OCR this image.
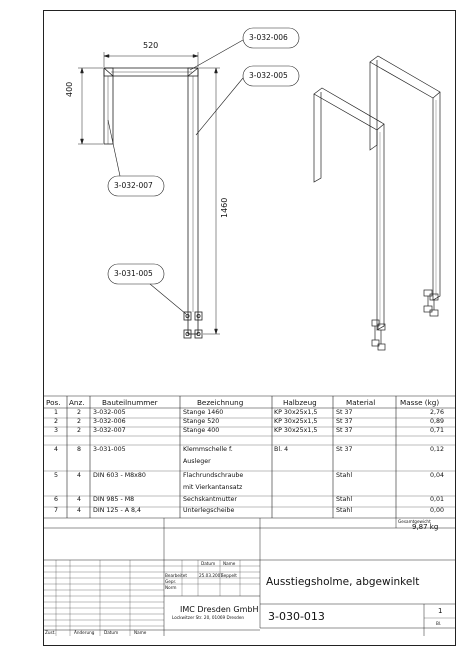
520
400
1460
3-032-006
3-032-005
3-032-007
3-031-005
Pos. Anz. Bauteilnummer	Bezeichnung	Halbzeug	Material	Masse (kg)
1	2 3-032-005	Stange 1460	KP 30x25x1,5	St 37	2,76
2	2 3-032-006	Stange 520	KP 30x25x1,5	St 37	0,89
3	2 3-032-007	Stange 400	KP 30x25x1,5	St 37	0,71
4	8 3-031-005	Klemmschelle f.	Bl. 4	St 37	0,12
Ausleger
5	4 DIN 603 - M8x80	Flachrundschraube	Stahl	0,04
mit Vierkantansatz
6	4 DIN 985 - M8	Sechskantmutter	Stahl	0,01
7	4 DIN 125 - A 8,4	Unterlegscheibe	Stahl	0,00
Gesamtgewicht
9,87 kg
Datum Name
Bearbeitet	25.03.2007
Seppelt
Gepr.
Norm	Ausstiegsholme, abgewinkelt
IMC Dresden GmbH
Lockwitzer Str. 20, 01069 Dresden 3-030-013	1
Bl.
Zust.	Änderung Datum	Name
